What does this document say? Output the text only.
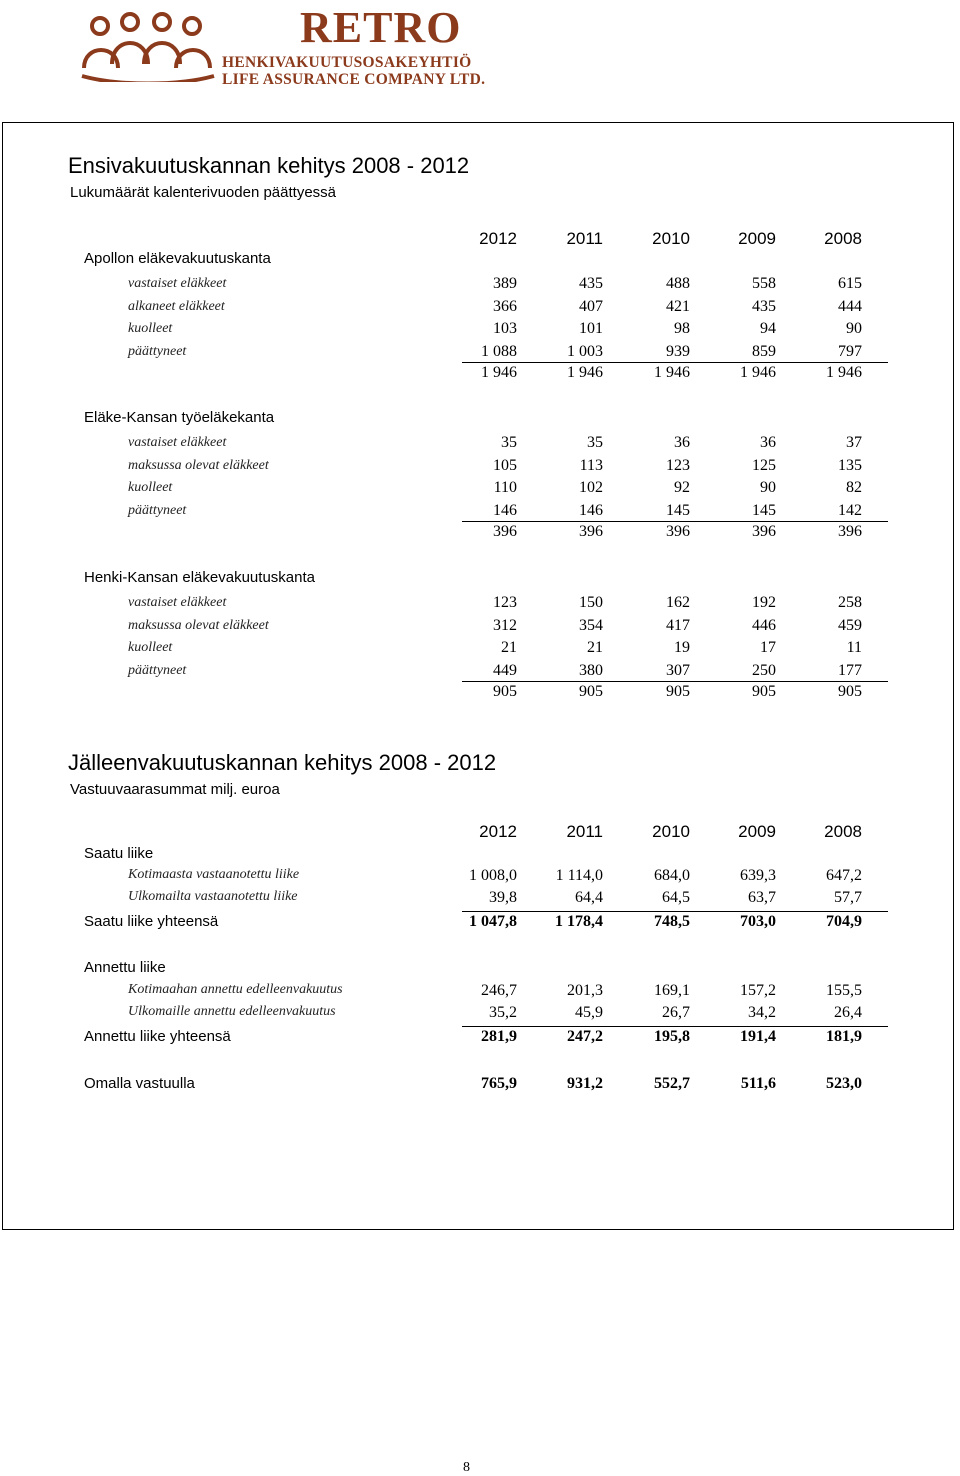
RETRO
HENKIVAKUUTUSOSAKEYHTIÖ
LIFE ASSURANCE COMPANY LTD.
Ensivakuutuskannan kehitys 2008 - 2012
Lukumäärät kalenterivuoden päättyessä
2012	2011	2010	2009	2008
Apollon eläkevakuutuskanta
vastaiset eläkkeet	389	435	488	558	615
alkaneet eläkkeet	366	407	421	435	444
kuolleet	103	101	98	94	90
päättyneet	1 088	1 003	939	859	797
1 946	1 946	1 946	1 946	1 946
Eläke-Kansan työeläkekanta
vastaiset eläkkeet	35	35	36	36	37
maksussa olevat eläkkeet	105	113	123	125	135
kuolleet	110	102	92	90	82
päättyneet	146	146	145	145	142
396	396	396	396	396
Henki-Kansan eläkevakuutuskanta
vastaiset eläkkeet	123	150	162	192	258
maksussa olevat eläkkeet	312	354	417	446	459
kuolleet	21	21	19	17	11
päättyneet	449	380	307	250	177
905	905	905	905	905
Jälleenvakuutuskannan kehitys 2008 - 2012
Vastuuvaarasummat milj. euroa
2012	2011	2010	2009	2008
Saatu liike
Kotimaasta vastaanotettu liike	1 008,0	1 114,0	684,0	639,3	647,2
Ulkomailta vastaanotettu liike	39,8	64,4	64,5	63,7	57,7
Saatu liike yhteensä	1 047,8	1 178,4	748,5	703,0	704,9
Annettu liike
Kotimaahan annettu edelleenvakuutus	246,7	201,3	169,1	157,2	155,5
Ulkomaille annettu edelleenvakuutus	35,2	45,9	26,7	34,2	26,4
Annettu liike yhteensä	281,9	247,2	195,8	191,4	181,9
Omalla vastuulla	765,9	931,2	552,7	511,6	523,0
8
